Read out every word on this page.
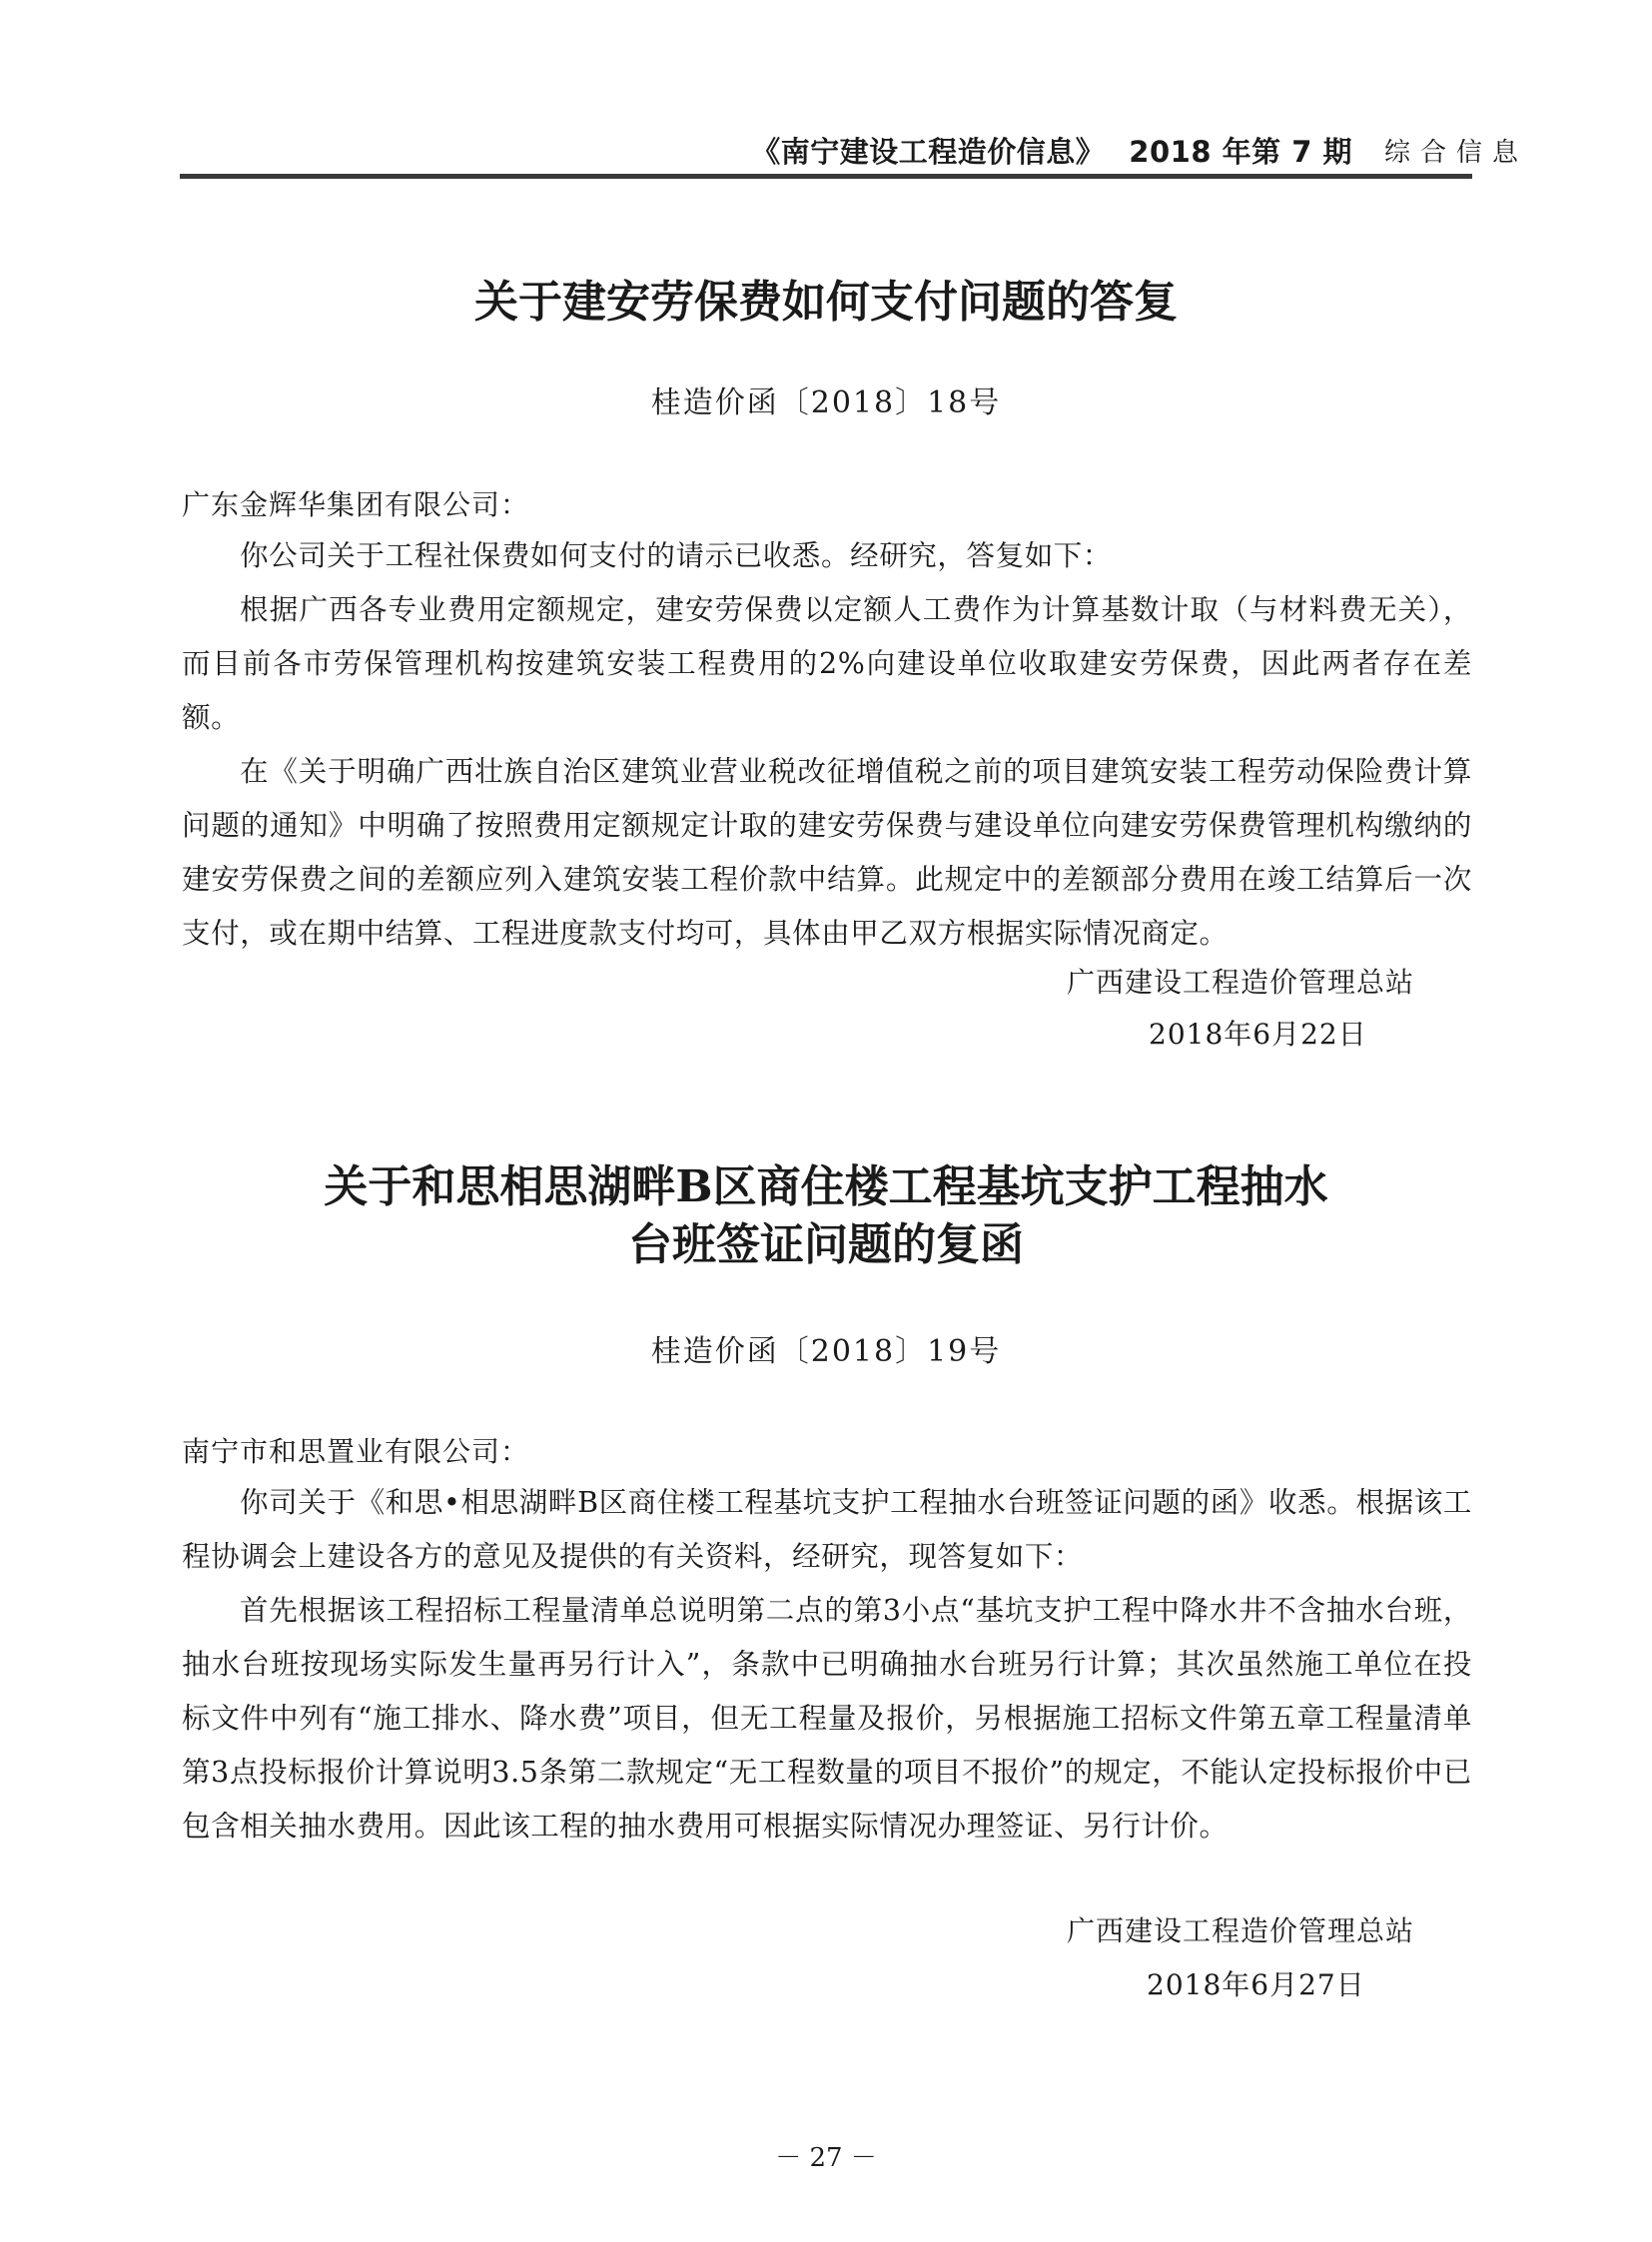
《南宁建设工程造价信息》 2018 年第 7 期 综合信息
关于建安劳保费如何支付问题的答复
桂造价函〔2018〕18号
广东金辉华集团有限公司：

你公司关于工程社保费如何支付的请示已收悉。经研究，答复如下：

根据广西各专业费用定额规定，建安劳保费以定额人工费作为计算基数计取（与材料费无关），而目前各市劳保管理机构按建筑安装工程费用的2%向建设单位收取建安劳保费，因此两者存在差额。

在《关于明确广西壮族自治区建筑业营业税改征增值税之前的项目建筑安装工程劳动保险费计算问题的通知》中明确了按照费用定额规定计取的建安劳保费与建设单位向建安劳保费管理机构缴纳的建安劳保费之间的差额应列入建筑安装工程价款中结算。此规定中的差额部分费用在竣工结算后一次支付，或在期中结算、工程进度款支付均可，具体由甲乙双方根据实际情况商定。

广西建设工程造价管理总站
2018年6月22日
关于和思相思湖畔B区商住楼工程基坑支护工程抽水
台班签证问题的复函
桂造价函〔2018〕19号
南宁市和思置业有限公司：

你司关于《和思•相思湖畔B区商住楼工程基坑支护工程抽水台班签证问题的函》收悉。根据该工程协调会上建设各方的意见及提供的有关资料，经研究，现答复如下：

首先根据该工程招标工程量清单总说明第二点的第3小点“基坑支护工程中降水井不含抽水台班，抽水台班按现场实际发生量再另行计入”，条款中已明确抽水台班另行计算；其次虽然施工单位在投标文件中列有“施工排水、降水费”项目，但无工程量及报价，另根据施工招标文件第五章工程量清单第3点投标报价计算说明3.5条第二款规定“无工程数量的项目不报价”的规定，不能认定投标报价中已包含相关抽水费用。因此该工程的抽水费用可根据实际情况办理签证、另行计价。

广西建设工程造价管理总站
2018年6月27日
－ 27 －
